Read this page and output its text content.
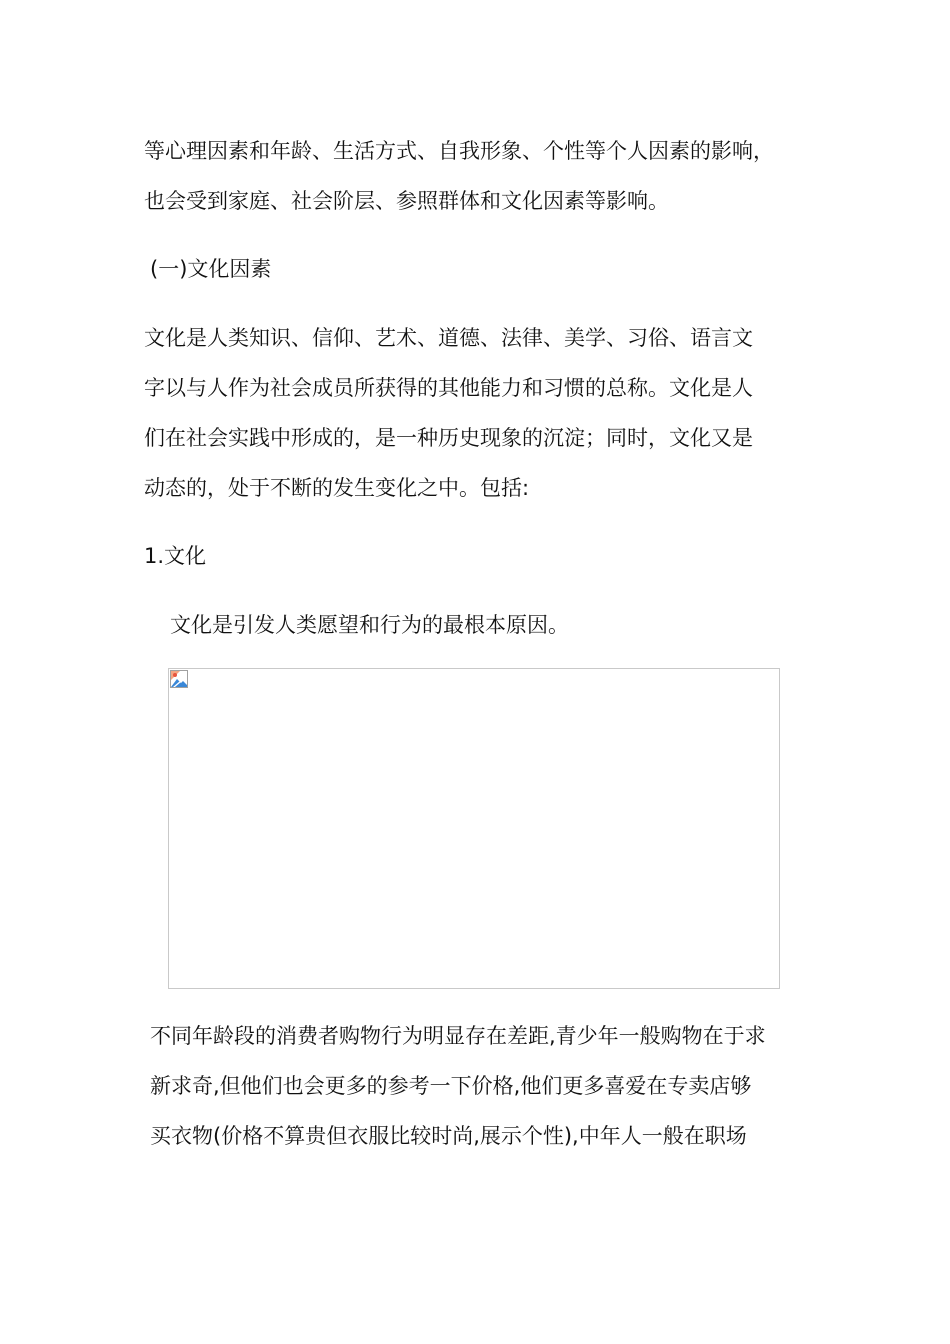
等心理因素和年龄、生活方式、自我形象、个性等个人因素的影响，
也会受到家庭、社会阶层、参照群体和文化因素等影响。
(一)文化因素
文化是人类知识、信仰、艺术、道德、法律、美学、习俗、语言文
字以与人作为社会成员所获得的其他能力和习惯的总称。文化是人
们在社会实践中形成的，是一种历史现象的沉淀；同时，文化又是
动态的，处于不断的发生变化之中。包括:
1.文化
文化是引发人类愿望和行为的最根本原因。
不同年龄段的消费者购物行为明显存在差距,青少年一般购物在于求
新求奇,但他们也会更多的参考一下价格,他们更多喜爱在专卖店够
买衣物(价格不算贵但衣服比较时尚,展示个性),中年人一般在职场
